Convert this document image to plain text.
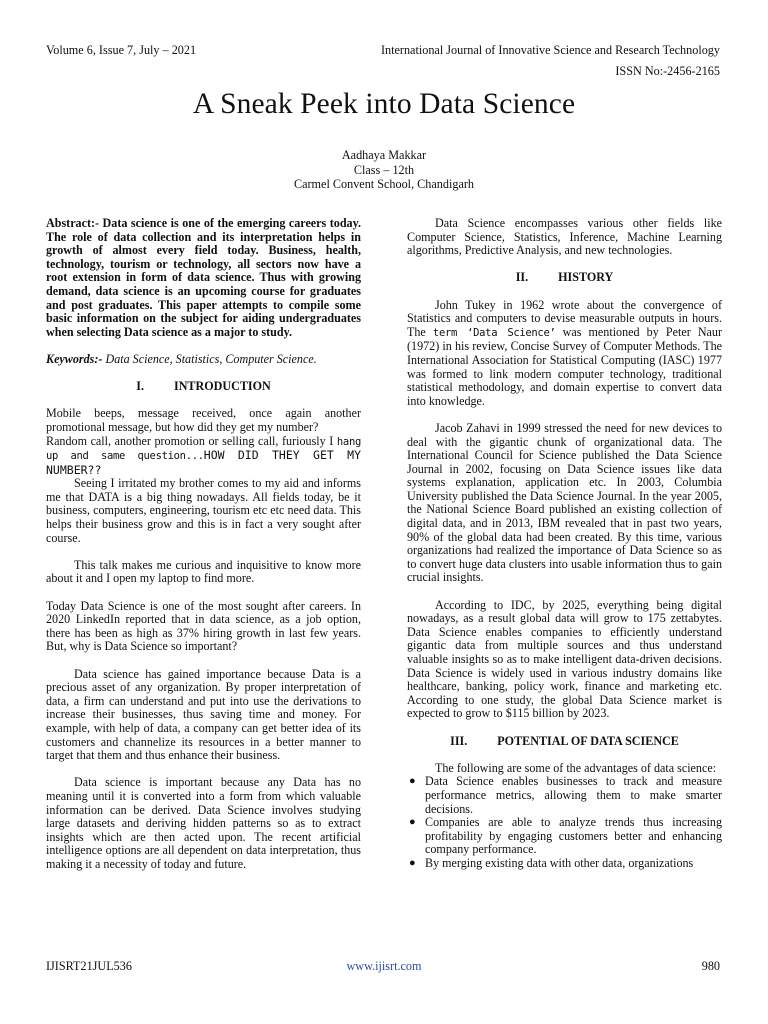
Volume 6, Issue 7, July – 2021	International Journal of Innovative Science and Research Technology
ISSN No:-2456-2165
A Sneak Peek into Data Science
Aadhaya Makkar
Class – 12th
Carmel Convent School, Chandigarh

Abstract:- Data science is one of the emerging careers today. The role of data collection and its interpretation helps in growth of almost every field today. Business, health, technology, tourism or technology, all sectors now have a root extension in form of data science. Thus with growing demand, data science is an upcoming course for graduates and post graduates. This paper attempts to compile some basic information on the subject for aiding undergraduates when selecting Data science as a major to study.

Keywords:- Data Science, Statistics, Computer Science.

I. INTRODUCTION

Mobile beeps, message received, once again another promotional message, but how did they get my number?

Random call, another promotion or selling call, furiously I hang up and same question...HOW DID THEY GET MY NUMBER??

Seeing I irritated my brother comes to my aid and informs me that DATA is a big thing nowadays. All fields today, be it business, computers, engineering, tourism etc etc need data. This helps their business grow and this is in fact a very sought after course.

This talk makes me curious and inquisitive to know more about it and I open my laptop to find more.

Today Data Science is one of the most sought after careers. In 2020 LinkedIn reported that in data science, as a job option, there has been as high as 37% hiring growth in last few years. But, why is Data Science so important?

Data science has gained importance because Data is a precious asset of any organization. By proper interpretation of data, a firm can understand and put into use the derivations to increase their businesses, thus saving time and money. For example, with help of data, a company can get better idea of its customers and channelize its resources in a better manner to target that them and thus enhance their business.

Data science is important because any Data has no meaning until it is converted into a form from which valuable information can be derived. Data Science involves studying large datasets and deriving hidden patterns so as to extract insights which are then acted upon. The recent artificial intelligence options are all dependent on data interpretation, thus making it a necessity of today and future.

Data Science encompasses various other fields like Computer Science, Statistics, Inference, Machine Learning algorithms, Predictive Analysis, and new technologies.

II. HISTORY

John Tukey in 1962 wrote about the convergence of Statistics and computers to devise measurable outputs in hours. The term ‘Data Science’ was mentioned by Peter Naur (1972) in his review, Concise Survey of Computer Methods. The International Association for Statistical Computing (IASC) 1977 was formed to link modern computer technology, traditional statistical methodology, and domain expertise to convert data into knowledge.

Jacob Zahavi in 1999 stressed the need for new devices to deal with the gigantic chunk of organizational data. The International Council for Science published the Data Science Journal in 2002, focusing on Data Science issues like data systems explanation, application etc. In 2003, Columbia University published the Data Science Journal. In the year 2005, the National Science Board published an existing collection of digital data, and in 2013, IBM revealed that in past two years, 90% of the global data had been created. By this time, various organizations had realized the importance of Data Science so as to convert huge data clusters into usable information thus to gain crucial insights.

According to IDC, by 2025, everything being digital nowadays, as a result global data will grow to 175 zettabytes. Data Science enables companies to efficiently understand gigantic data from multiple sources and thus understand valuable insights so as to make intelligent data-driven decisions. Data Science is widely used in various industry domains like healthcare, banking, policy work, finance and marketing etc. According to one study, the global Data Science market is expected to grow to $115 billion by 2023.

III. POTENTIAL OF DATA SCIENCE

The following are some of the advantages of data science:

● Data Science enables businesses to track and measure performance metrics, allowing them to make smarter decisions.
● Companies are able to analyze trends thus increasing profitability by engaging customers better and enhancing company performance.
● By merging existing data with other data, organizations
IJISRT21JUL536	www.ijisrt.com	980
